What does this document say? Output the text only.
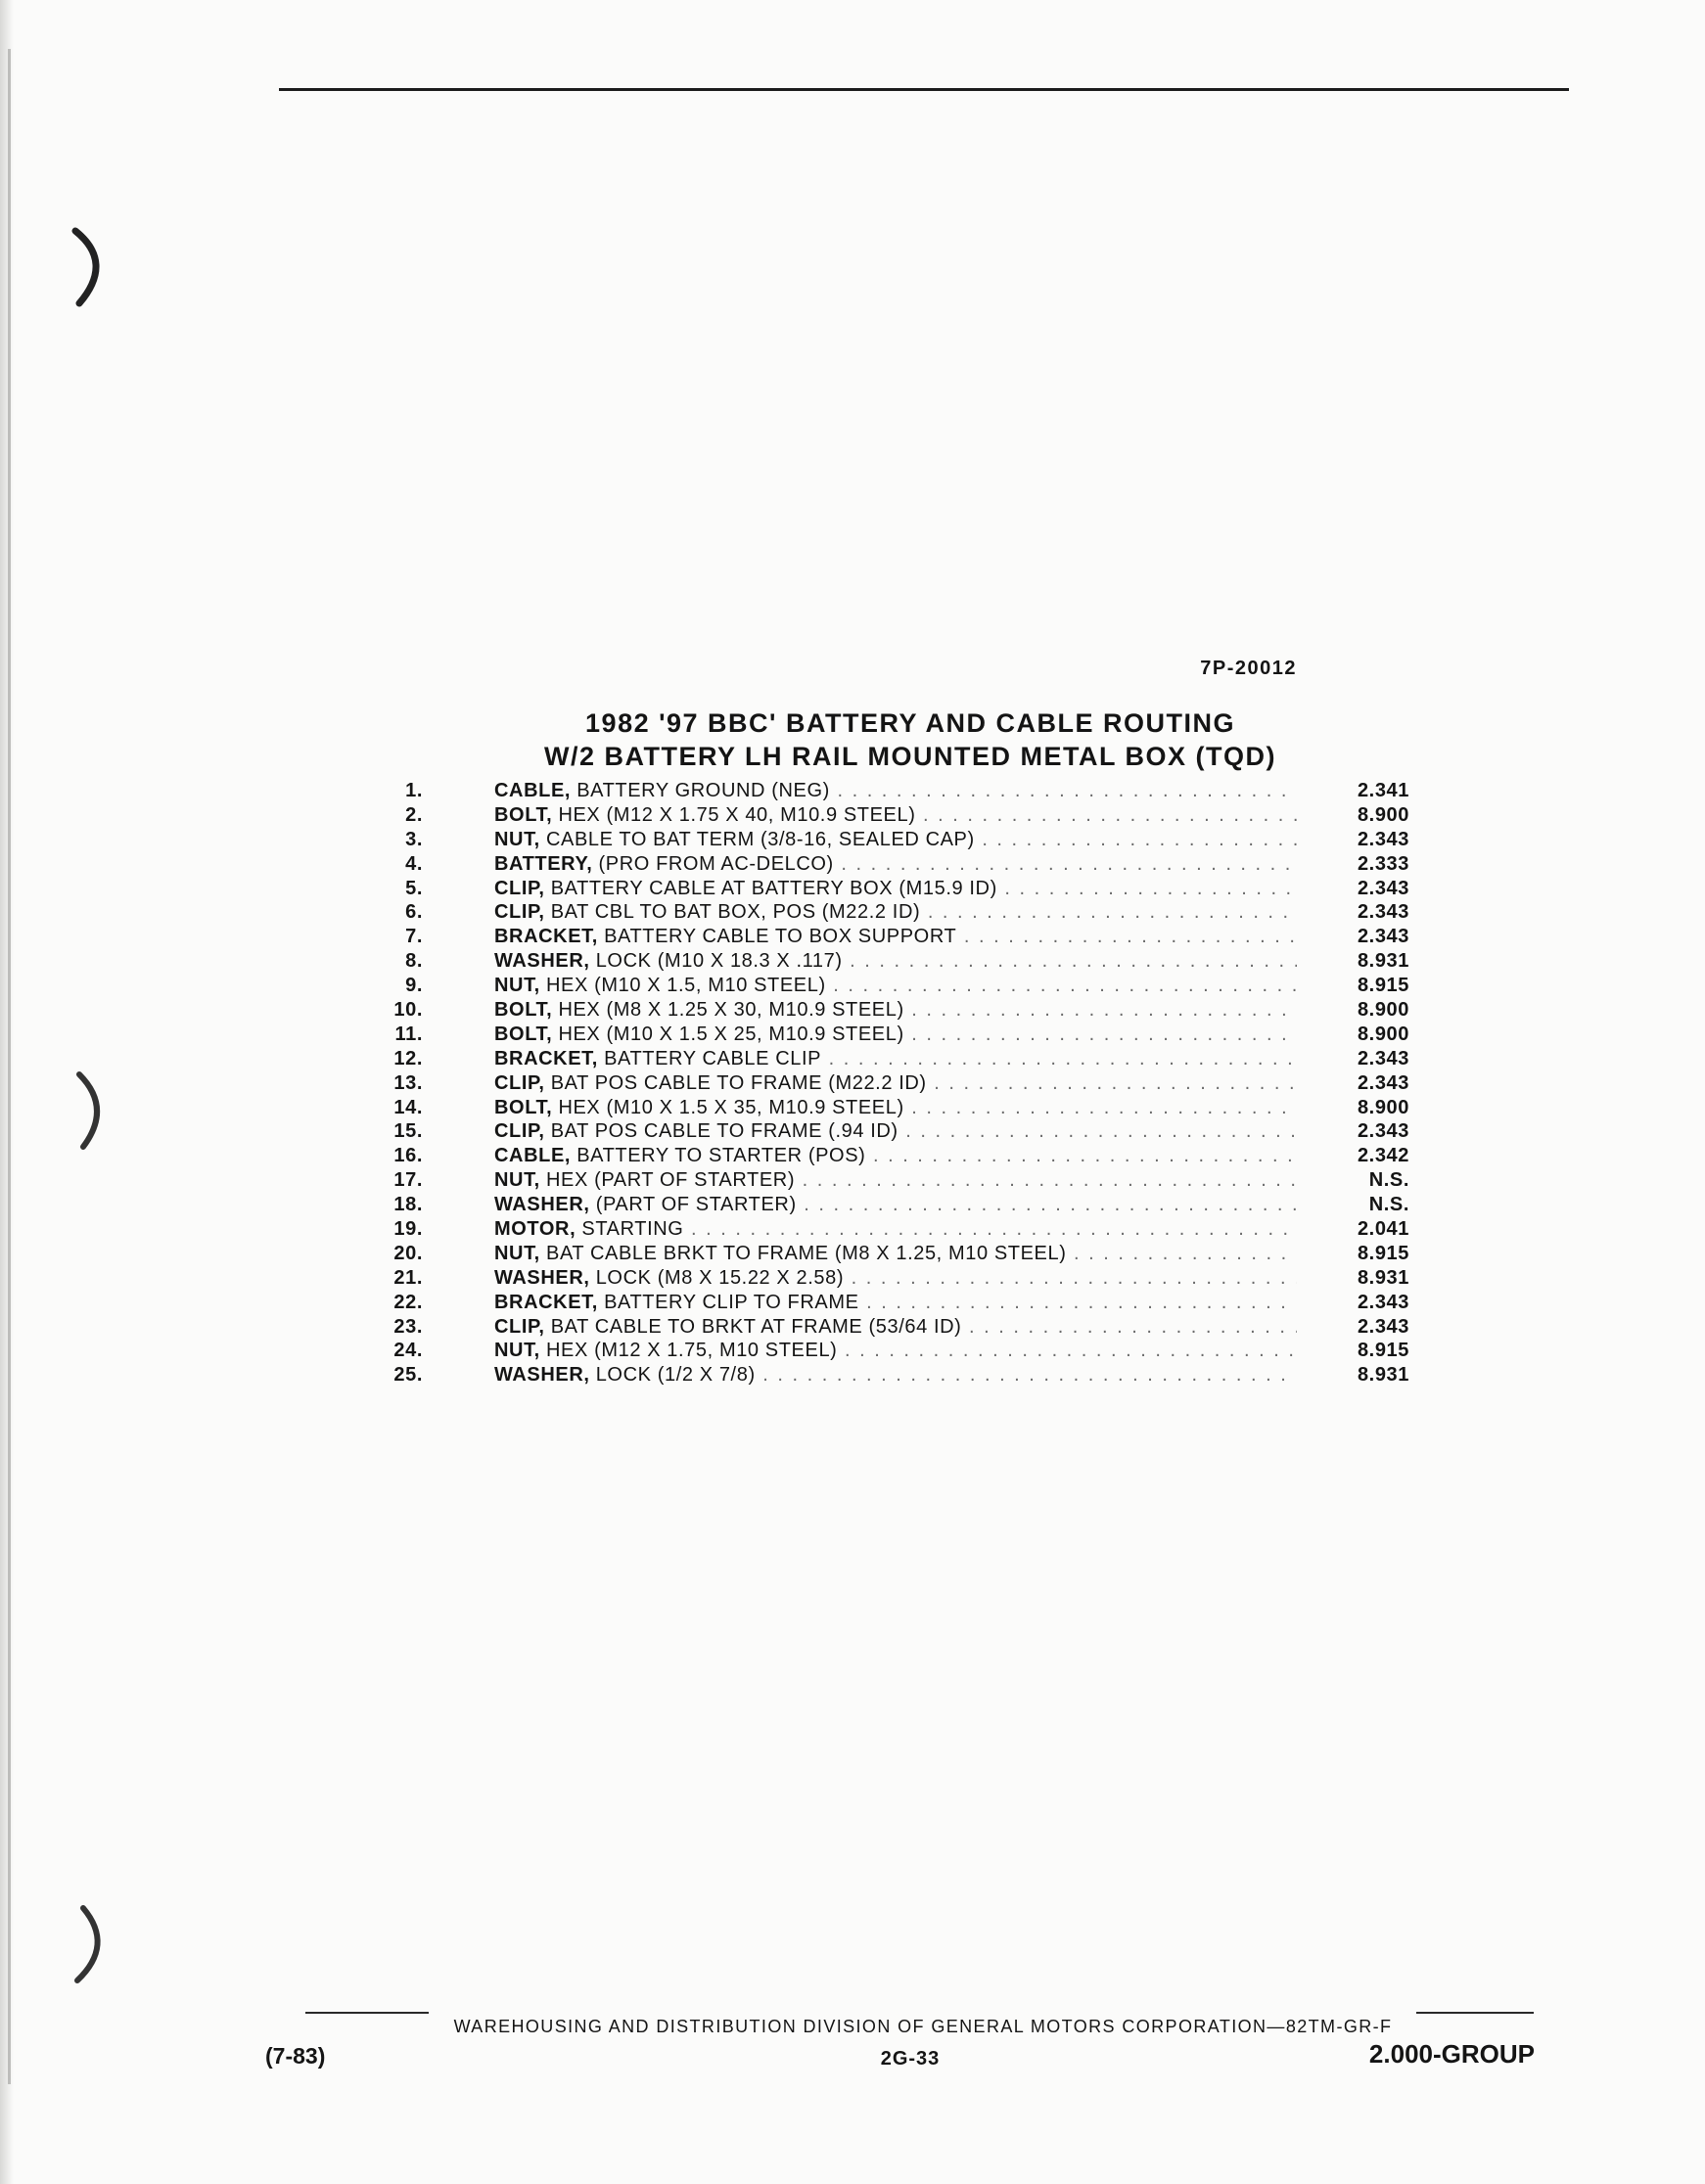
7P-20012
1982 '97 BBC' BATTERY AND CABLE ROUTING
W/2 BATTERY LH RAIL MOUNTED METAL BOX (TQD)
1.	CABLE, BATTERY GROUND (NEG) . . .	2.341
2.	BOLT, HEX (M12 X 1.75 X 40, M10.9 STEEL) . . .	8.900
3.	NUT, CABLE TO BAT TERM (3/8-16, SEALED CAP) . . .	2.343
4.	BATTERY, (PRO FROM AC-DELCO) . . .	2.333
5.	CLIP, BATTERY CABLE AT BATTERY BOX (M15.9 ID) . . .	2.343
6.	CLIP, BAT CBL TO BAT BOX, POS (M22.2 ID) . . .	2.343
7.	BRACKET, BATTERY CABLE TO BOX SUPPORT . . .	2.343
8.	WASHER, LOCK (M10 X 18.3 X .117) . . .	8.931
9.	NUT, HEX (M10 X 1.5, M10 STEEL) . . .	8.915
10.	BOLT, HEX (M8 X 1.25 X 30, M10.9 STEEL) . . .	8.900
11.	BOLT, HEX (M10 X 1.5 X 25, M10.9 STEEL) . . .	8.900
12.	BRACKET, BATTERY CABLE CLIP . . .	2.343
13.	CLIP, BAT POS CABLE TO FRAME (M22.2 ID) . . .	2.343
14.	BOLT, HEX (M10 X 1.5 X 35, M10.9 STEEL) . . .	8.900
15.	CLIP, BAT POS CABLE TO FRAME (.94 ID) . . .	2.343
16.	CABLE, BATTERY TO STARTER (POS) . . .	2.342
17.	NUT, HEX (PART OF STARTER) . . .	N.S.
18.	WASHER, (PART OF STARTER) . . .	N.S.
19.	MOTOR, STARTING . . .	2.041
20.	NUT, BAT CABLE BRKT TO FRAME (M8 X 1.25, M10 STEEL) . . .	8.915
21.	WASHER, LOCK (M8 X 15.22 X 2.58) . . .	8.931
22.	BRACKET, BATTERY CLIP TO FRAME . . .	2.343
23.	CLIP, BAT CABLE TO BRKT AT FRAME (53/64 ID) . . .	2.343
24.	NUT, HEX (M12 X 1.75, M10 STEEL) . . .	8.915
25.	WASHER, LOCK (1/2 X 7/8) . . .	8.931
WAREHOUSING AND DISTRIBUTION DIVISION OF GENERAL MOTORS CORPORATION—82TM-GR-F
(7-83)	2G-33	2.000-GROUP
